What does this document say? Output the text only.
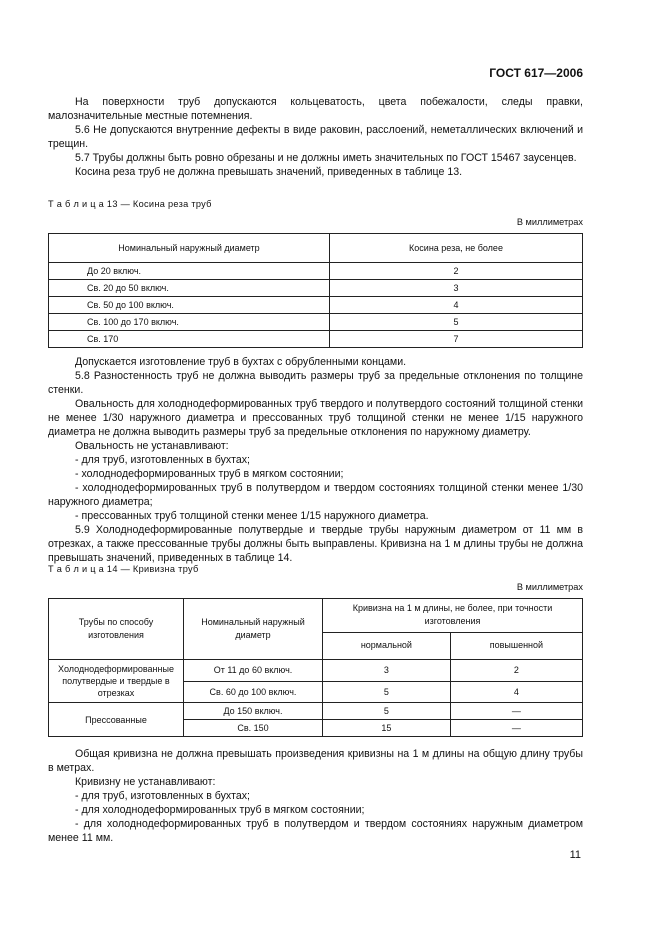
ГОСТ 617—2006

На поверхности труб допускаются кольцеватость, цвета побежалости, следы правки, малозначительные местные потемнения.

5.6 Не допускаются внутренние дефекты в виде раковин, расслоений, неметаллических включений и трещин.

5.7 Трубы должны быть ровно обрезаны и не должны иметь значительных по ГОСТ 15467 заусенцев.

Косина реза труб не должна превышать значений, приведенных в таблице 13.

Т а б л и ц а 13 — Косина реза труб

В миллиметрах

Номинальный наружный диаметр	Косина реза, не более
До 20 включ.	2
Св. 20 до 50 включ.	3
Св. 50 до 100 включ.	4
Св. 100 до 170 включ.	5
Св. 170	7

Допускается изготовление труб в бухтах с обрубленными концами.

5.8 Разностенность труб не должна выводить размеры труб за предельные отклонения по толщине стенки.

Овальность для холоднодеформированных труб твердого и полутвердого состояний толщиной стенки не менее 1/30 наружного диаметра и прессованных труб толщиной стенки не менее 1/15 наружного диаметра не должна выводить размеры труб за предельные отклонения по наружному диаметру.

Овальность не устанавливают:

- для труб, изготовленных в бухтах;

- холоднодеформированных труб в мягком состоянии;

- холоднодеформированных труб в полутвердом и твердом состояниях толщиной стенки менее 1/30 наружного диаметра;

- прессованных труб толщиной стенки менее 1/15 наружного диаметра.

5.9 Холоднодеформированные полутвердые и твердые трубы наружным диаметром от 11 мм в отрезках, а также прессованные трубы должны быть выправлены. Кривизна на 1 м длины трубы не должна превышать значений, приведенных в таблице 14.

Т а б л и ц а 14 — Кривизна труб

В миллиметрах

Трубы по способу изготовления	Номинальный наружный диаметр	Кривизна на 1 м длины, не более, при точности изготовления	
		нормальной	повышенной
Холоднодеформированные полутвердые и твердые в отрезках	От 11 до 60 включ.	3	2
	Св. 60 до 100 включ.	5	4
Прессованные	До 150 включ.	5	—
	Св. 150	15	—

Общая кривизна не должна превышать произведения кривизны на 1 м длины на общую длину трубы в метрах.

Кривизну не устанавливают:

- для труб, изготовленных в бухтах;

- для холоднодеформированных труб в мягком состоянии;

- для холоднодеформированных труб в полутвердом и твердом состояниях наружным диаметром менее 11 мм.

11
